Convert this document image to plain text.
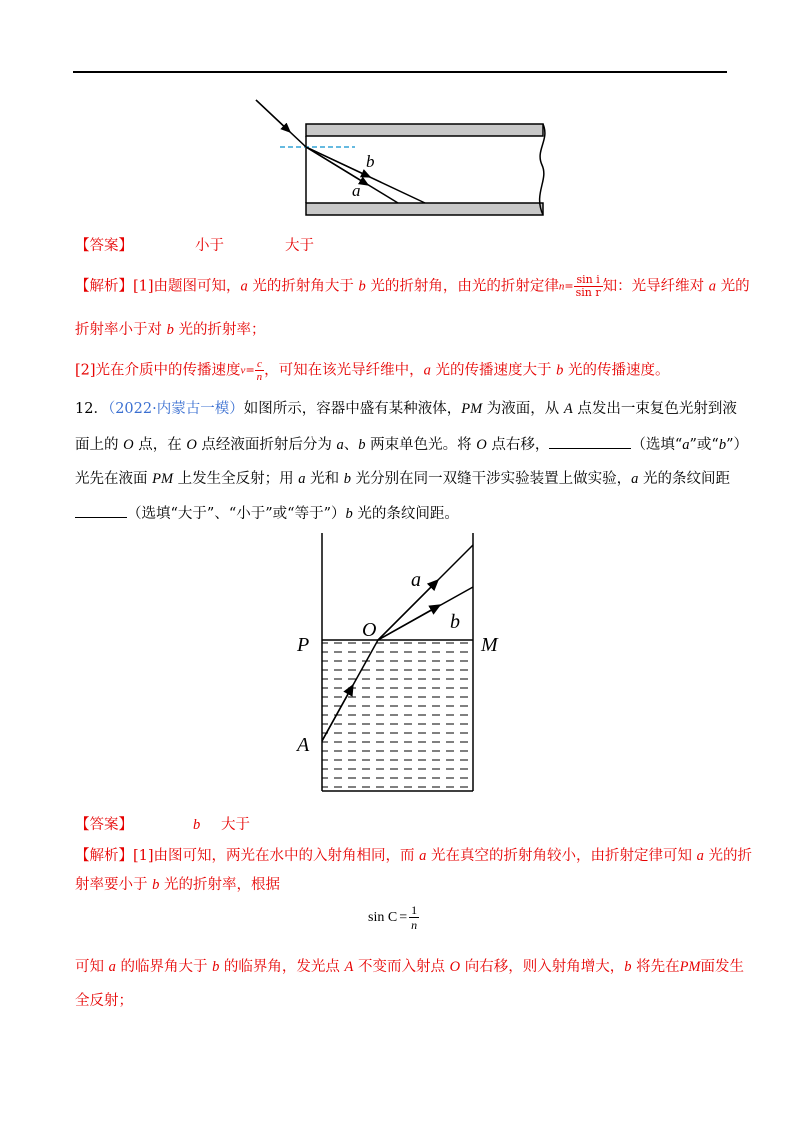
b
a
【答案】	小于	大于
【解析】[1]由题图可知，a 光的折射角大于 b 光的折射角，由光的折射定律$n= \frac{\text{sin i}}{\text{sin r}}$ 知：光导纤维对 a 光的
折射率小于对 b 光的折射率；
[2]光在介质中的传播速度$v= \frac{c}{n}$ ，可知在该光导纤维中，a 光的传播速度大于 b 光的传播速度。
12．（2022·内蒙古一模）如图所示，容器中盛有某种液体，PM 为液面，从 A 点发出一束复色光射到液
面上的 O 点，在 O 点经液面折射后分为 a、b 两束单色光。将 O 点右移，	（选填“a”或“b”）
光先在液面 PM 上发生全反射；用 a 光和 b 光分别在同一双缝干涉实验装置上做实验，a 光的条纹间距
（选填“大于”、“小于”或“等于”）b 光的条纹间距。
P
O
M
A
a
b
【答案】	b 大于
【解析】[1]由图可知，两光在水中的入射角相同，而 a 光在真空的折射角较小，由折射定律可知 a 光的折
射率要小于 b 光的折射率，根据
$\sin C = \frac{1}{n}$
可知 a 的临界角大于 b 的临界角，发光点 A 不变而入射点 O 向右移，则入射角增大，b 将先在PM面发生
全反射；
